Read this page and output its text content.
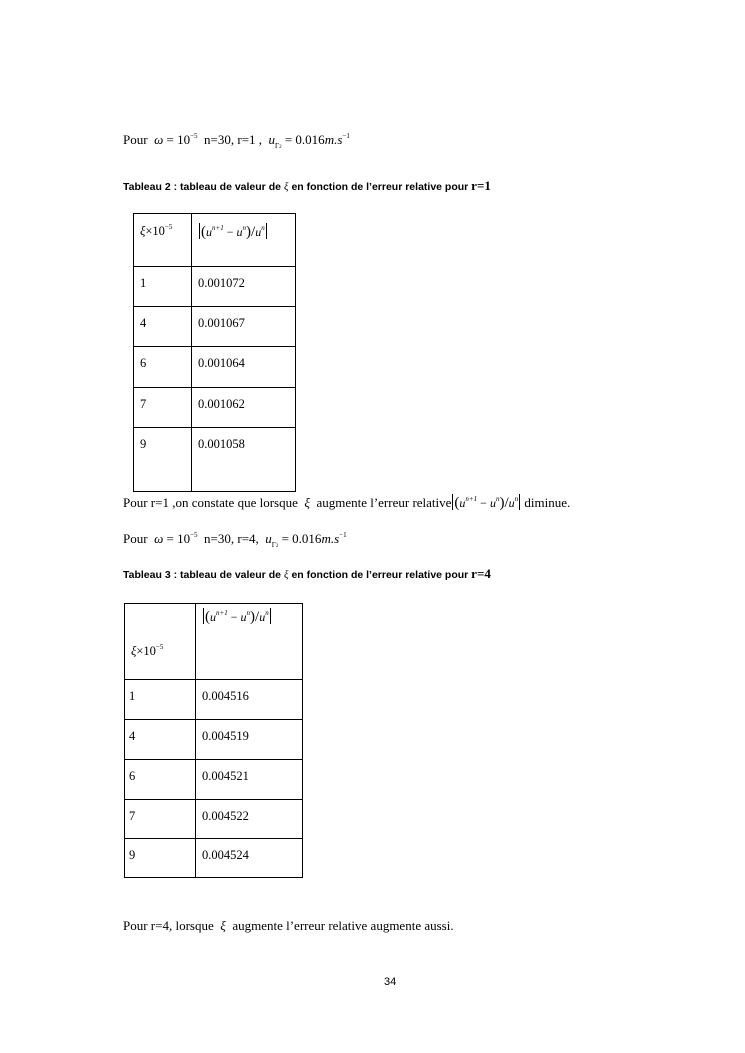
Pour $\omega = 10^{-5}$ n=30, r=1 , $u_{\Gamma 2} = 0.016m.s^{-1}$
Tableau 2 : tableau de valeur de ξ en fonction de l’erreur relative pour r=1
$\xi\times 10^{-5}$	$(u^{n+1} - u^n)/u^n$
1	0.001072
4	0.001067
6	0.001064
7	0.001062
9	0.001058
Pour r=1 ,on constate que lorsque ξ augmente l’erreur relative $(u^{n+1} - u^n)/u^n$ diminue.
Pour $\omega = 10^{-5}$ n=30, r=4, $u_{\Gamma 2} = 0.016m.s^{-1}$
Tableau 3 : tableau de valeur de ξ en fonction de l’erreur relative pour r=4
$\xi\times 10^{-5}$	$(u^{n+1} - u^n)/u^n$
1	0.004516
4	0.004519
6	0.004521
7	0.004522
9	0.004524
Pour r=4, lorsque ξ augmente l’erreur relative augmente aussi.
34
